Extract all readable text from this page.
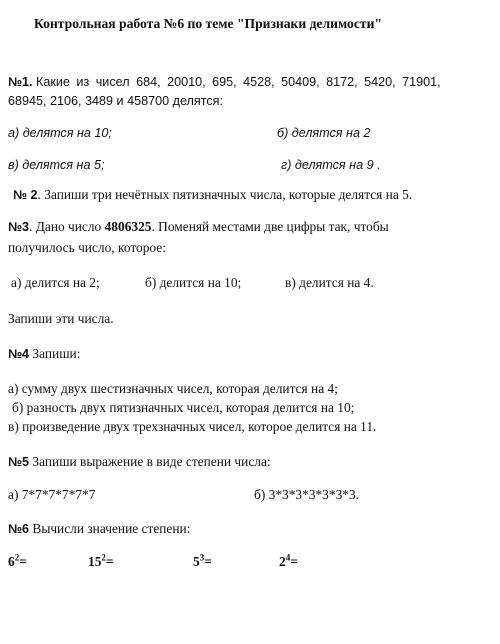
Контрольная работа №6 по теме "Признаки делимости"
№1. Какие из чисел 684, 20010, 695, 4528, 50409, 8172, 5420, 71901,
68945, 2106, 3489 и 458700 делятся:
а) делятся на 10;	б) делятся на 2
в) делятся на 5;	г) делятся на 9 .
№ 2. Запиши три нечётных пятизначных числа, которые делятся на 5.
№3. Дано число 4806325. Поменяй местами две цифры так, чтобы
получилось число, которое:
а) делится на 2;	б) делится на 10;	в) делится на 4.
Запиши эти числа.
№4 Запиши:
а) сумму двух шестизначных чисел, которая делится на 4;
б) разность двух пятизначных чисел, которая делится на 10;
в) произведение двух трехзначных чисел, которое делится на 11.
№5 Запиши выражение в виде степени числа:
а) 7*7*7*7*7*7	б) 3*3*3*3*3*3*3.
№6 Вычисли значение степени:
$6^2=$	$15^2=$	$5^3=$	$2^4=$
